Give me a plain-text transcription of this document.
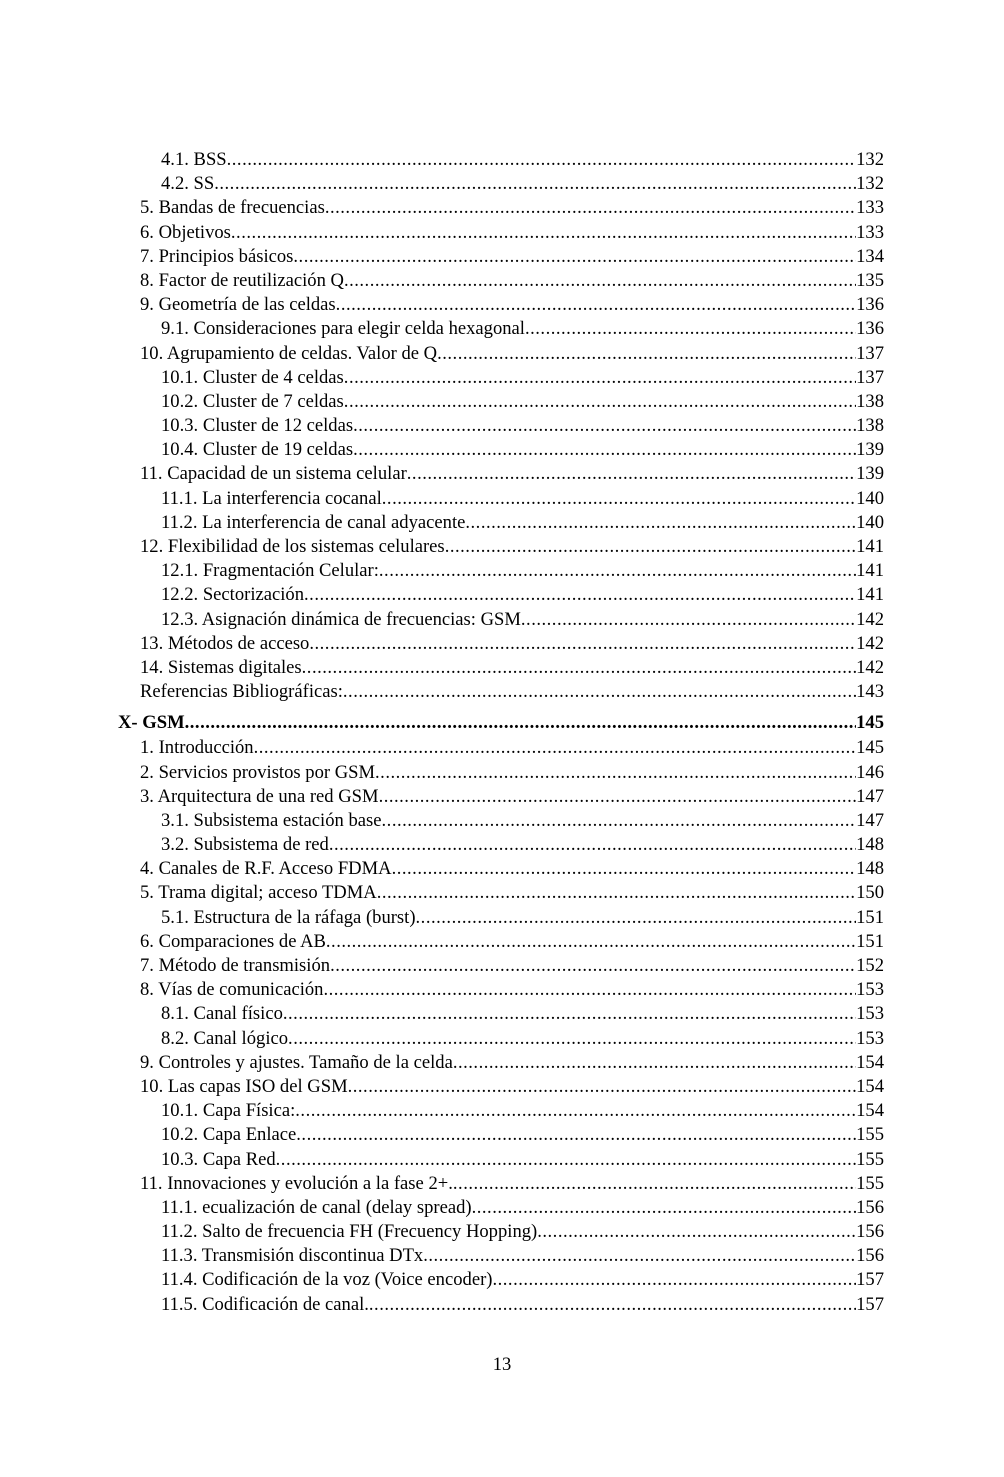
4.1. BSS .....	132
4.2. SS .....	132
5. Bandas de frecuencias .....	133
6. Objetivos .....	133
7. Principios básicos .....	134
8. Factor de reutilización Q .....	135
9. Geometría de las celdas .....	136
9.1. Consideraciones para elegir celda hexagonal .....	136
10. Agrupamiento de celdas. Valor de Q .....	137
10.1. Cluster de 4 celdas .....	137
10.2. Cluster de 7 celdas .....	138
10.3. Cluster de 12 celdas .....	138
10.4. Cluster de 19 celdas .....	139
11. Capacidad de un sistema celular .....	139
11.1. La interferencia cocanal .....	140
11.2. La interferencia de canal adyacente .....	140
12. Flexibilidad de los sistemas celulares .....	141
12.1. Fragmentación Celular: .....	141
12.2. Sectorización .....	141
12.3. Asignación dinámica de frecuencias: GSM .....	142
13. Métodos de acceso .....	142
14. Sistemas digitales .....	142
Referencias Bibliográficas: .....	143
X- GSM .....	145
1. Introducción .....	145
2. Servicios provistos por GSM .....	146
3. Arquitectura de una red GSM .....	147
3.1. Subsistema estación base .....	147
3.2. Subsistema de red .....	148
4. Canales de R.F. Acceso FDMA .....	148
5. Trama digital; acceso TDMA .....	150
5.1. Estructura de la ráfaga (burst) .....	151
6. Comparaciones de AB .....	151
7. Método de transmisión .....	152
8. Vías de comunicación .....	153
8.1. Canal físico .....	153
8.2. Canal lógico .....	153
9. Controles y ajustes. Tamaño de la celda .....	154
10. Las capas ISO del GSM .....	154
10.1. Capa Física: .....	154
10.2. Capa Enlace .....	155
10.3. Capa Red .....	155
11. Innovaciones y evolución a la fase 2+. .....	155
11.1. ecualización de canal (delay spread) .....	156
11.2. Salto de frecuencia FH (Frecuency Hopping) .....	156
11.3. Transmisión discontinua DTx .....	156
11.4. Codificación de la voz (Voice encoder) .....	157
11.5. Codificación de canal. .....	157
13
